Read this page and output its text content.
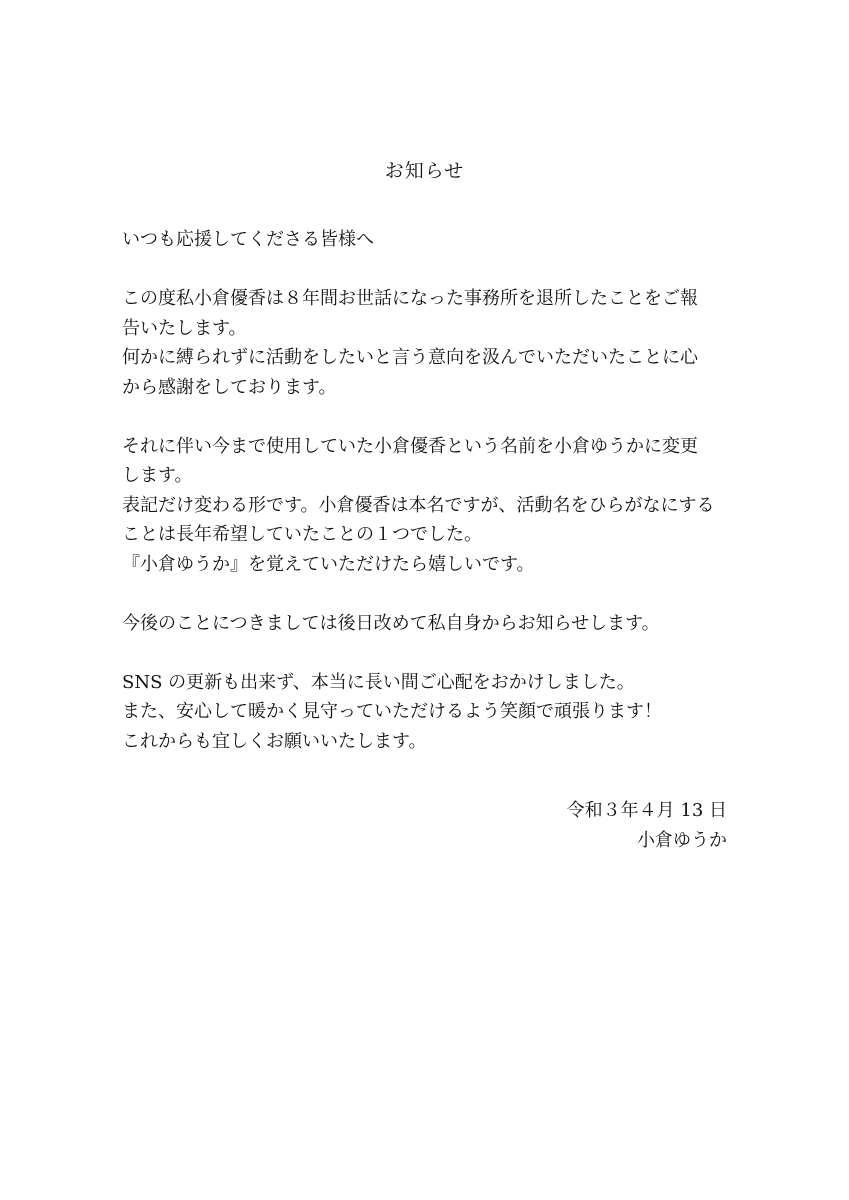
お知らせ

いつも応援してくださる皆様へ

この度私小倉優香は８年間お世話になった事務所を退所したことをご報

告いたします。

何かに縛られずに活動をしたいと言う意向を汲んでいただいたことに心

から感謝をしております。

それに伴い今まで使用していた小倉優香という名前を小倉ゆうかに変更

します。

表記だけ変わる形です。小倉優香は本名ですが、活動名をひらがなにする

ことは長年希望していたことの１つでした。

『小倉ゆうか』を覚えていただけたら嬉しいです。

今後のことにつきましては後日改めて私自身からお知らせします。

SNS の更新も出来ず、本当に長い間ご心配をおかけしました。

また、安心して暖かく見守っていただけるよう笑顔で頑張ります！

これからも宜しくお願いいたします。

令和３年４月 13 日
小倉ゆうか
